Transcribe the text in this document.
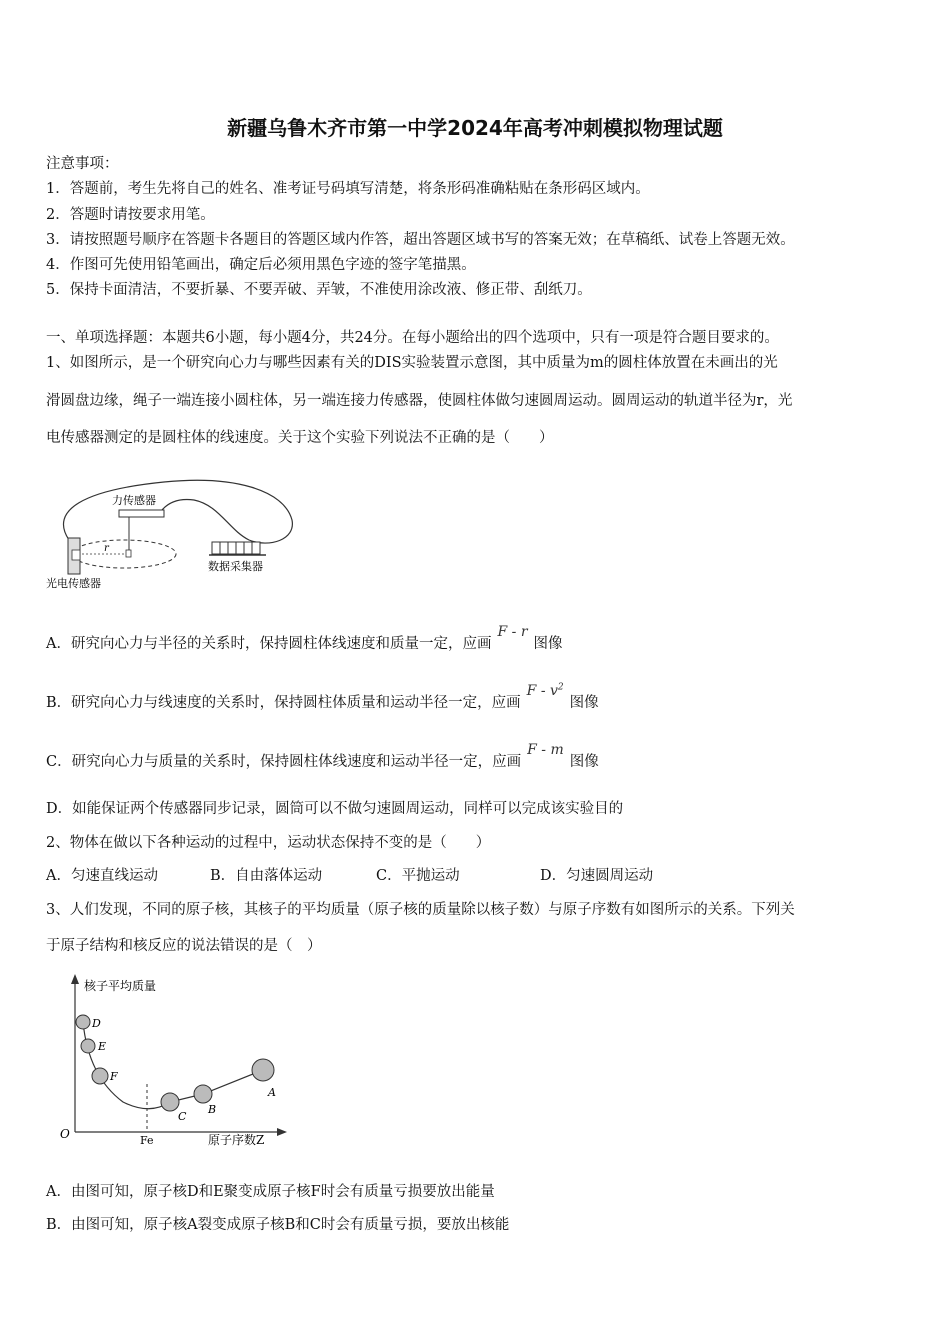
新疆乌鲁木齐市第一中学2024年高考冲刺模拟物理试题
注意事项：
1．答题前，考生先将自己的姓名、准考证号码填写清楚，将条形码准确粘贴在条形码区域内。
2．答题时请按要求用笔。
3．请按照题号顺序在答题卡各题目的答题区域内作答，超出答题区域书写的答案无效；在草稿纸、试卷上答题无效。
4．作图可先使用铅笔画出，确定后必须用黑色字迹的签字笔描黑。
5．保持卡面清洁，不要折暴、不要弄破、弄皱，不准使用涂改液、修正带、刮纸刀。
一、单项选择题：本题共6小题，每小题4分，共24分。在每小题给出的四个选项中，只有一项是符合题目要求的。
1、如图所示，是一个研究向心力与哪些因素有关的DIS实验装置示意图，其中质量为m的圆柱体放置在未画出的光
滑圆盘边缘，绳子一端连接小圆柱体，另一端连接力传感器，使圆柱体做匀速圆周运动。圆周运动的轨道半径为r，光
电传感器测定的是圆柱体的线速度。关于这个实验下列说法不正确的是（　　）
力传感器
r
光电传感器
数据采集器
A．研究向心力与半径的关系时，保持圆柱体线速度和质量一定，应画F - r图像
B．研究向心力与线速度的关系时，保持圆柱体质量和运动半径一定，应画F - $v^2$图像
C．研究向心力与质量的关系时，保持圆柱体线速度和运动半径一定，应画F - m图像
D．如能保证两个传感器同步记录，圆筒可以不做匀速圆周运动，同样可以完成该实验目的
2、物体在做以下各种运动的过程中，运动状态保持不变的是（　　）
A．匀速直线运动	B．自由落体运动	C．平抛运动	D．匀速圆周运动
3、人们发现，不同的原子核，其核子的平均质量（原子核的质量除以核子数）与原子序数有如图所示的关系。下列关
于原子结构和核反应的说法错误的是（　）
核子平均质量
原子序数Z
O	Fe
D
E
F
C
B
A
A．由图可知，原子核D和E聚变成原子核F时会有质量亏损要放出能量
B．由图可知，原子核A裂变成原子核B和C时会有质量亏损，要放出核能
